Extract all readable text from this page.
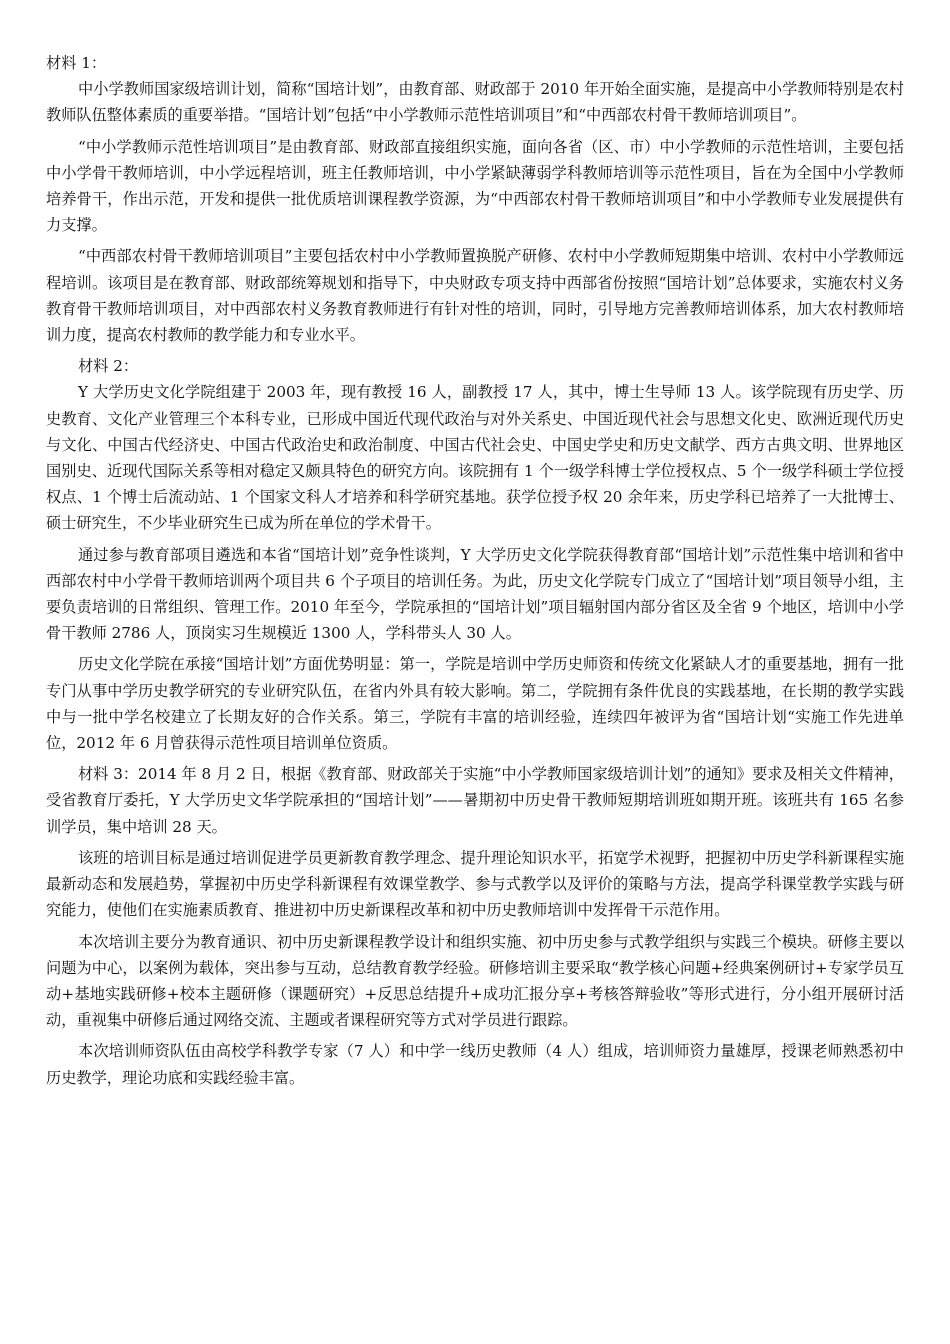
材料 1：

中小学教师国家级培训计划，简称“国培计划”，由教育部、财政部于 2010 年开始全面实施，是提高中小学教师特别是农村教师队伍整体素质的重要举措。“国培计划”包括“中小学教师示范性培训项目”和“中西部农村骨干教师培训项目”。

“中小学教师示范性培训项目”是由教育部、财政部直接组织实施，面向各省（区、市）中小学教师的示范性培训，主要包括中小学骨干教师培训，中小学远程培训，班主任教师培训，中小学紧缺薄弱学科教师培训等示范性项目，旨在为全国中小学教师培养骨干，作出示范，开发和提供一批优质培训课程教学资源，为“中西部农村骨干教师培训项目”和中小学教师专业发展提供有力支撑。

“中西部农村骨干教师培训项目”主要包括农村中小学教师置换脱产研修、农村中小学教师短期集中培训、农村中小学教师远程培训。该项目是在教育部、财政部统筹规划和指导下，中央财政专项支持中西部省份按照“国培计划”总体要求，实施农村义务教育骨干教师培训项目，对中西部农村义务教育教师进行有针对性的培训，同时，引导地方完善教师培训体系，加大农村教师培训力度，提高农村教师的教学能力和专业水平。

材料 2：

Y 大学历史文化学院组建于 2003 年，现有教授 16 人，副教授 17 人，其中，博士生导师 13 人。该学院现有历史学、历史教育、文化产业管理三个本科专业，已形成中国近代现代政治与对外关系史、中国近现代社会与思想文化史、欧洲近现代历史与文化、中国古代经济史、中国古代政治史和政治制度、中国古代社会史、中国史学史和历史文献学、西方古典文明、世界地区国别史、近现代国际关系等相对稳定又颇具特色的研究方向。该院拥有 1 个一级学科博士学位授权点、5 个一级学科硕士学位授权点、1 个博士后流动站、1 个国家文科人才培养和科学研究基地。获学位授予权 20 余年来，历史学科已培养了一大批博士、硕士研究生，不少毕业研究生已成为所在单位的学术骨干。

通过参与教育部项目遴选和本省“国培计划”竞争性谈判，Y 大学历史文化学院获得教育部“国培计划”示范性集中培训和省中西部农村中小学骨干教师培训两个项目共 6 个子项目的培训任务。为此，历史文化学院专门成立了“国培计划”项目领导小组，主要负责培训的日常组织、管理工作。2010 年至今，学院承担的“国培计划”项目辐射国内部分省区及全省 9 个地区，培训中小学骨干教师 2786 人，顶岗实习生规模近 1300 人，学科带头人 30 人。

历史文化学院在承接“国培计划”方面优势明显：第一，学院是培训中学历史师资和传统文化紧缺人才的重要基地，拥有一批专门从事中学历史教学研究的专业研究队伍，在省内外具有较大影响。第二，学院拥有条件优良的实践基地，在长期的教学实践中与一批中学名校建立了长期友好的合作关系。第三，学院有丰富的培训经验，连续四年被评为省“国培计划“实施工作先进单位，2012 年 6 月曾获得示范性项目培训单位资质。

材料 3：2014 年 8 月 2 日，根据《教育部、财政部关于实施“中小学教师国家级培训计划”的通知》要求及相关文件精神，受省教育厅委托，Y 大学历史文华学院承担的“国培计划”——暑期初中历史骨干教师短期培训班如期开班。该班共有 165 名参训学员，集中培训 28 天。

该班的培训目标是通过培训促进学员更新教育教学理念、提升理论知识水平，拓宽学术视野，把握初中历史学科新课程实施最新动态和发展趋势，掌握初中历史学科新课程有效课堂教学、参与式教学以及评价的策略与方法，提高学科课堂教学实践与研究能力，使他们在实施素质教育、推进初中历史新课程改革和初中历史教师培训中发挥骨干示范作用。

本次培训主要分为教育通识、初中历史新课程教学设计和组织实施、初中历史参与式教学组织与实践三个模块。研修主要以问题为中心，以案例为载体，突出参与互动，总结教育教学经验。研修培训主要采取“教学核心问题+经典案例研讨+专家学员互动+基地实践研修+校本主题研修（课题研究）+反思总结提升+成功汇报分享+考核答辩验收”等形式进行，分小组开展研讨活动，重视集中研修后通过网络交流、主题或者课程研究等方式对学员进行跟踪。

本次培训师资队伍由高校学科教学专家（7 人）和中学一线历史教师（4 人）组成，培训师资力量雄厚，授课老师熟悉初中历史教学，理论功底和实践经验丰富。
